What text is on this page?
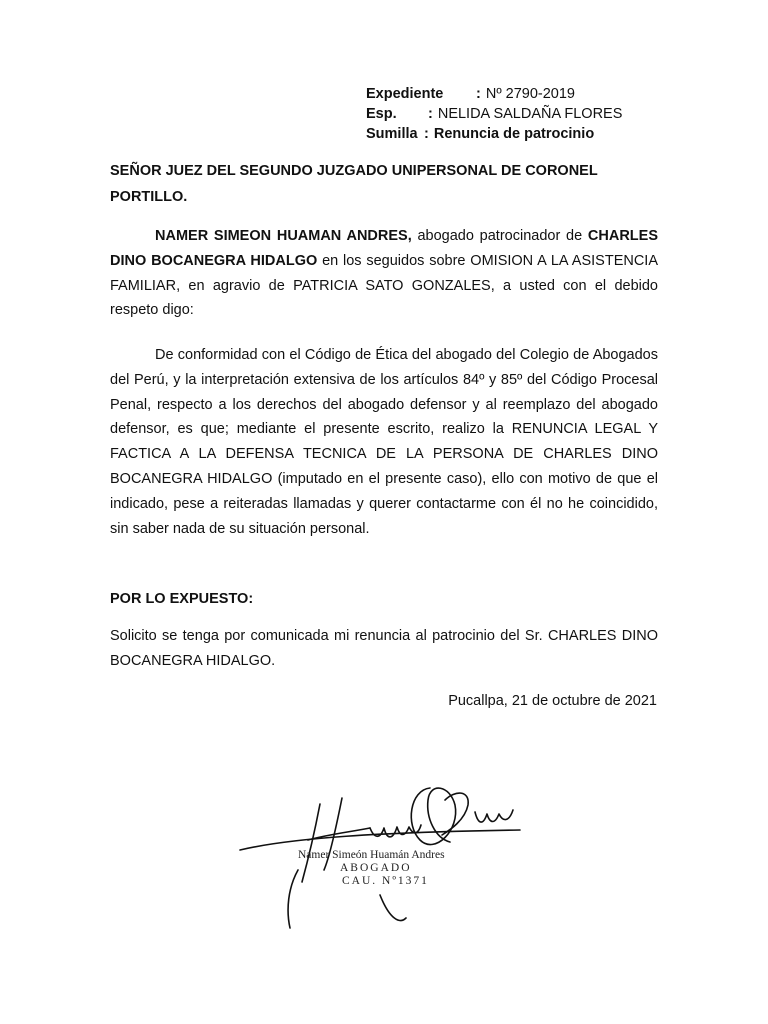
Expediente	: Nº 2790-2019
Esp.	: NELIDA SALDAÑA FLORES
Sumilla : Renuncia de patrocinio
SEÑOR JUEZ DEL SEGUNDO JUZGADO UNIPERSONAL DE CORONEL PORTILLO.
NAMER SIMEON HUAMAN ANDRES, abogado patrocinador de CHARLES DINO BOCANEGRA HIDALGO en los seguidos sobre OMISION A LA ASISTENCIA FAMILIAR, en agravio de PATRICIA SATO GONZALES, a usted con el debido respeto digo:
De conformidad con el Código de Ética del abogado del Colegio de Abogados del Perú, y la interpretación extensiva de los artículos 84º y 85º del Código Procesal Penal, respecto a los derechos del abogado defensor y al reemplazo del abogado defensor, es que; mediante el presente escrito, realizo la RENUNCIA LEGAL Y FACTICA A LA DEFENSA TECNICA DE LA PERSONA DE CHARLES DINO BOCANEGRA HIDALGO (imputado en el presente caso), ello con motivo de que el indicado, pese a reiteradas llamadas y querer contactarme con él no he coincidido, sin saber nada de su situación personal.
POR LO EXPUESTO:
Solicito se tenga por comunicada mi renuncia al patrocinio del Sr. CHARLES DINO BOCANEGRA HIDALGO.
Pucallpa, 21 de octubre de 2021
Namer Simeón Huamán Andres
ABOGADO
CAU. Nº1371
